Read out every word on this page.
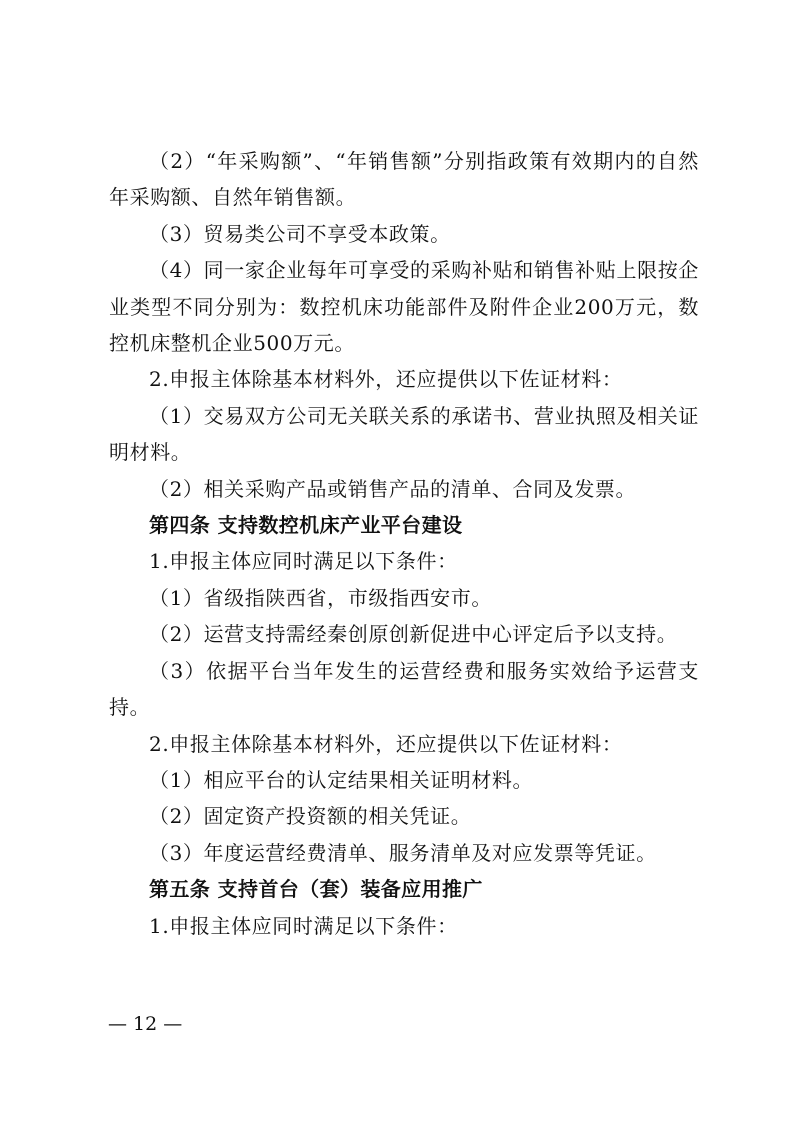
（2）“年采购额”、“年销售额”分别指政策有效期内的自然年采购额、自然年销售额。

（3）贸易类公司不享受本政策。

（4）同一家企业每年可享受的采购补贴和销售补贴上限按企业类型不同分别为：数控机床功能部件及附件企业200万元，数控机床整机企业500万元。

2.申报主体除基本材料外，还应提供以下佐证材料：

（1）交易双方公司无关联关系的承诺书、营业执照及相关证明材料。

（2）相关采购产品或销售产品的清单、合同及发票。

第四条 支持数控机床产业平台建设

1.申报主体应同时满足以下条件：

（1）省级指陕西省，市级指西安市。

（2）运营支持需经秦创原创新促进中心评定后予以支持。

（3）依据平台当年发生的运营经费和服务实效给予运营支持。

2.申报主体除基本材料外，还应提供以下佐证材料：

（1）相应平台的认定结果相关证明材料。

（2）固定资产投资额的相关凭证。

（3）年度运营经费清单、服务清单及对应发票等凭证。

第五条 支持首台（套）装备应用推广

1.申报主体应同时满足以下条件：

— 12 —
